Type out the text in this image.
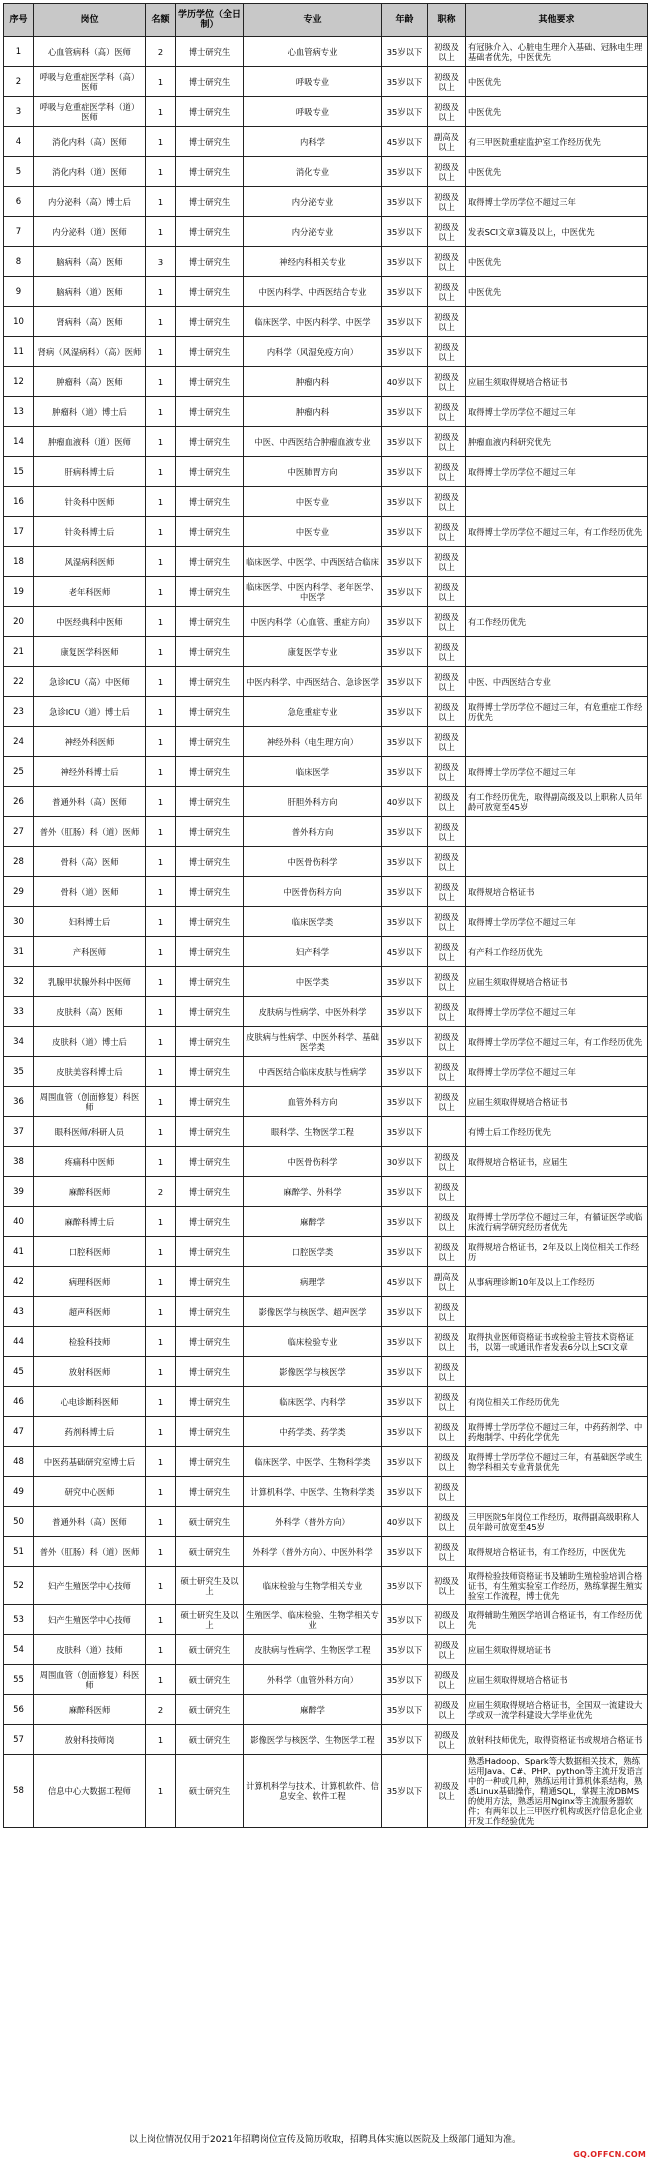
序号	岗位	名额	学历学位（全日制）	专业	年龄	职称	其他要求
1	心血管病科（高）医师	2	博士研究生	心血管病专业	35岁以下	初级及以上	有冠脉介入、心脏电生理介入基础、冠脉电生理基础者优先，中医优先
2	呼吸与危重症医学科（高）医师	1	博士研究生	呼吸专业	35岁以下	初级及以上	中医优先
3	呼吸与危重症医学科（道）医师	1	博士研究生	呼吸专业	35岁以下	初级及以上	中医优先
4	消化内科（高）医师	1	博士研究生	内科学	45岁以下	副高及以上	有三甲医院重症监护室工作经历优先
5	消化内科（道）医师	1	博士研究生	消化专业	35岁以下	初级及以上	中医优先
6	内分泌科（高）博士后	1	博士研究生	内分泌专业	35岁以下	初级及以上	取得博士学历学位不超过三年
7	内分泌科（道）医师	1	博士研究生	内分泌专业	35岁以下	初级及以上	发表SCI文章3篇及以上，中医优先
8	脑病科（高）医师	3	博士研究生	神经内科相关专业	35岁以下	初级及以上	中医优先
9	脑病科（道）医师	1	博士研究生	中医内科学、中西医结合专业	35岁以下	初级及以上	中医优先
10	肾病科（高）医师	1	博士研究生	临床医学、中医内科学、中医学	35岁以下	初级及以上	
11	肾病（风湿病科）（高）医师	1	博士研究生	内科学（风湿免疫方向）	35岁以下	初级及以上	
12	肿瘤科（高）医师	1	博士研究生	肿瘤内科	40岁以下	初级及以上	应届生须取得规培合格证书
13	肿瘤科（道）博士后	1	博士研究生	肿瘤内科	35岁以下	初级及以上	取得博士学历学位不超过三年
14	肿瘤血液科（道）医师	1	博士研究生	中医、中西医结合肿瘤血液专业	35岁以下	初级及以上	肿瘤血液内科研究优先
15	肝病科博士后	1	博士研究生	中医肺胃方向	35岁以下	初级及以上	取得博士学历学位不超过三年
16	针灸科中医师	1	博士研究生	中医专业	35岁以下	初级及以上	
17	针灸科博士后	1	博士研究生	中医专业	35岁以下	初级及以上	取得博士学历学位不超过三年，有工作经历优先
18	风湿病科医师	1	博士研究生	临床医学、中医学、中西医结合临床	35岁以下	初级及以上	
19	老年科医师	1	博士研究生	临床医学、中医内科学、老年医学、中医学	35岁以下	初级及以上	
20	中医经典科中医师	1	博士研究生	中医内科学（心血管、重症方向）	35岁以下	初级及以上	有工作经历优先
21	康复医学科医师	1	博士研究生	康复医学专业	35岁以下	初级及以上	
22	急诊ICU（高）中医师	1	博士研究生	中医内科学、中西医结合、急诊医学	35岁以下	初级及以上	中医、中西医结合专业
23	急诊ICU（道）博士后	1	博士研究生	急危重症专业	35岁以下	初级及以上	取得博士学历学位不超过三年，有危重症工作经历优先
24	神经外科医师	1	博士研究生	神经外科（电生理方向）	35岁以下	初级及以上	
25	神经外科博士后	1	博士研究生	临床医学	35岁以下	初级及以上	取得博士学历学位不超过三年
26	普通外科（高）医师	1	博士研究生	肝胆外科方向	40岁以下	初级及以上	有工作经历优先，取得副高级及以上职称人员年龄可放宽至45岁
27	普外（肛肠）科（道）医师	1	博士研究生	普外科方向	35岁以下	初级及以上	
28	骨科（高）医师	1	博士研究生	中医骨伤科学	35岁以下	初级及以上	
29	骨科（道）医师	1	博士研究生	中医骨伤科方向	35岁以下	初级及以上	取得规培合格证书
30	妇科博士后	1	博士研究生	临床医学类	35岁以下	初级及以上	取得博士学历学位不超过三年
31	产科医师	1	博士研究生	妇产科学	45岁以下	初级及以上	有产科工作经历优先
32	乳腺甲状腺外科中医师	1	博士研究生	中医学类	35岁以下	初级及以上	应届生须取得规培合格证书
33	皮肤科（高）医师	1	博士研究生	皮肤病与性病学、中医外科学	35岁以下	初级及以上	取得博士学历学位不超过三年
34	皮肤科（道）博士后	1	博士研究生	皮肤病与性病学、中医外科学、基础医学类	35岁以下	初级及以上	取得博士学历学位不超过三年，有工作经历优先
35	皮肤美容科博士后	1	博士研究生	中西医结合临床皮肤与性病学	35岁以下	初级及以上	取得博士学历学位不超过三年
36	周围血管（创面修复）科医师	1	博士研究生	血管外科方向	35岁以下	初级及以上	应届生须取得规培合格证书
37	眼科医师/科研人员	1	博士研究生	眼科学、生物医学工程	35岁以下		有博士后工作经历优先
38	疼痛科中医师	1	博士研究生	中医骨伤科学	30岁以下	初级及以上	取得规培合格证书，应届生
39	麻醉科医师	2	博士研究生	麻醉学、外科学	35岁以下	初级及以上	
40	麻醉科博士后	1	博士研究生	麻醉学	35岁以下	初级及以上	取得博士学历学位不超过三年，有循证医学或临床流行病学研究经历者优先
41	口腔科医师	1	博士研究生	口腔医学类	35岁以下	初级及以上	取得规培合格证书，2年及以上岗位相关工作经历
42	病理科医师	1	博士研究生	病理学	45岁以下	副高及以上	从事病理诊断10年及以上工作经历
43	超声科医师	1	博士研究生	影像医学与核医学、超声医学	35岁以下	初级及以上	
44	检验科技师	1	博士研究生	临床检验专业	35岁以下	初级及以上	取得执业医师资格证书或检验主管技术资格证书，以第一或通讯作者发表6分以上SCI文章
45	放射科医师	1	博士研究生	影像医学与核医学	35岁以下	初级及以上	
46	心电诊断科医师	1	博士研究生	临床医学、内科学	35岁以下	初级及以上	有岗位相关工作经历优先
47	药剂科博士后	1	博士研究生	中药学类、药学类	35岁以下	初级及以上	取得博士学历学位不超过三年，中药药剂学、中药炮制学、中药化学优先
48	中医药基础研究室博士后	1	博士研究生	临床医学、中医学、生物科学类	35岁以下	初级及以上	取得博士学历学位不超过三年，有基础医学或生物学科相关专业背景优先
49	研究中心医师	1	博士研究生	计算机科学、中医学、生物科学类	35岁以下	初级及以上	
50	普通外科（高）医师	1	硕士研究生	外科学（普外方向）	40岁以下	初级及以上	三甲医院5年岗位工作经历，取得副高级职称人员年龄可放宽至45岁
51	普外（肛肠）科（道）医师	1	硕士研究生	外科学（普外方向）、中医外科学	35岁以下	初级及以上	取得规培合格证书，有工作经历，中医优先
52	妇产生殖医学中心技师	1	硕士研究生及以上	临床检验与生物学相关专业	35岁以下	初级及以上	取得检验技师资格证书及辅助生殖检验培训合格证书，有生殖实验室工作经历，熟练掌握生殖实验室工作流程，博士优先
53	妇产生殖医学中心技师	1	硕士研究生及以上	生殖医学、临床检验、生物学相关专业	35岁以下	初级及以上	取得辅助生殖医学培训合格证书，有工作经历优先
54	皮肤科（道）技师	1	硕士研究生	皮肤病与性病学、生物医学工程	35岁以下	初级及以上	应届生须取得规培证书
55	周围血管（创面修复）科医师	1	硕士研究生	外科学（血管外科方向）	35岁以下	初级及以上	应届生须取得规培合格证书
56	麻醉科医师	2	硕士研究生	麻醉学	35岁以下	初级及以上	应届生须取得规培合格证书，全国双一流建设大学或双一流学科建设大学毕业优先
57	放射科技师岗	1	硕士研究生	影像医学与核医学、生物医学工程	35岁以下	初级及以上	放射科技师优先，取得资格证书或规培合格证书
58	信息中心大数据工程师	1	硕士研究生	计算机科学与技术、计算机软件、信息安全、软件工程	35岁以下	初级及以上	熟悉Hadoop、Spark等大数据相关技术，熟练运用Java、C#、PHP、python等主流开发语言中的一种或几种，熟练运用计算机体系结构，熟悉Linux基础操作，精通SQL，掌握主流DBMS的使用方法，熟悉运用Nginx等主流服务器软件；有两年以上三甲医疗机构或医疗信息化企业开发工作经验优先
以上岗位情况仅用于2021年招聘岗位宣传及简历收取，招聘具体实施以医院及上级部门通知为准。
GQ.OFFCN.COM
